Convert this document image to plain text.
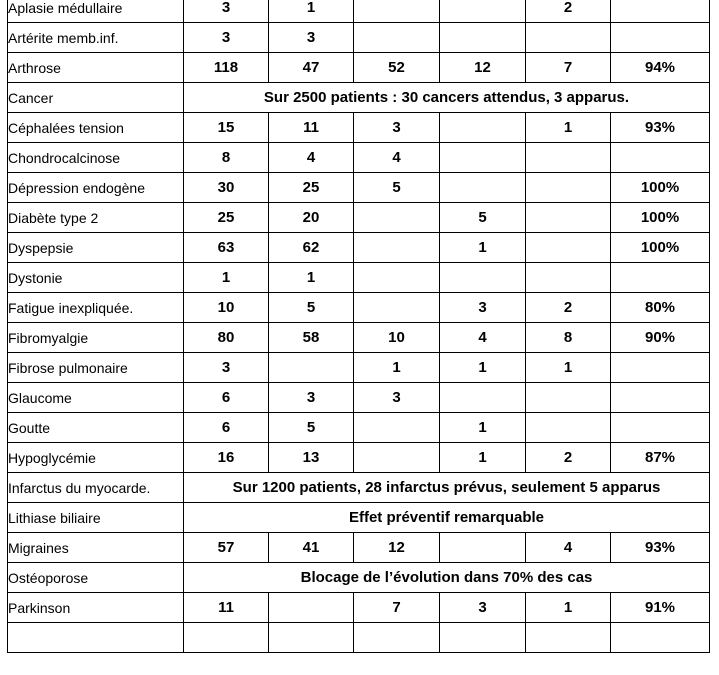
Aplasie médullaire	3	1			2	
Artérite memb.inf.	3	3				
Arthrose	118	47	52	12	7	94%
Cancer	Sur 2500 patients : 30 cancers attendus, 3 apparus.					
Céphalées tension	15	11	3		1	93%
Chondrocalcinose	8	4	4			
Dépression endogène	30	25	5			100%
Diabète type 2	25	20		5		100%
Dyspepsie	63	62		1		100%
Dystonie	1	1				
Fatigue inexpliquée.	10	5		3	2	80%
Fibromyalgie	80	58	10	4	8	90%
Fibrose pulmonaire	3		1	1	1	
Glaucome	6	3	3			
Goutte	6	5		1		
Hypoglycémie	16	13		1	2	87%
Infarctus du myocarde.	Sur 1200 patients, 28 infarctus prévus, seulement 5 apparus					
Lithiase biliaire	Effet préventif remarquable					
Migraines	57	41	12		4	93%
Ostéoporose	Blocage de l’évolution dans 70% des cas					
Parkinson	11		7	3	1	91%
